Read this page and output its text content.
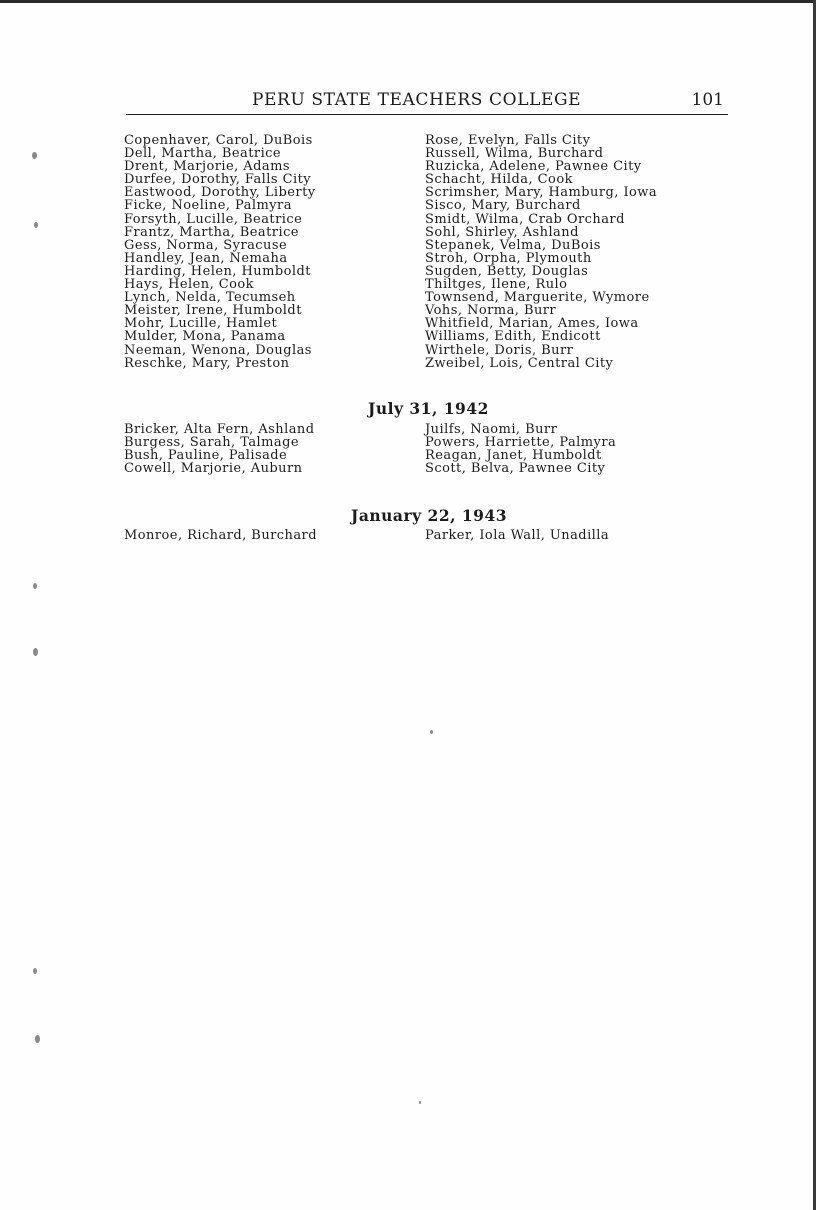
PERU STATE TEACHERS COLLEGE	101
Copenhaver, Carol, DuBois
Dell, Martha, Beatrice
Drent, Marjorie, Adams
Durfee, Dorothy, Falls City
Eastwood, Dorothy, Liberty
Ficke, Noeline, Palmyra
Forsyth, Lucille, Beatrice
Frantz, Martha, Beatrice
Gess, Norma, Syracuse
Handley, Jean, Nemaha
Harding, Helen, Humboldt
Hays, Helen, Cook
Lynch, Nelda, Tecumseh
Meister, Irene, Humboldt
Mohr, Lucille, Hamlet
Mulder, Mona, Panama
Neeman, Wenona, Douglas
Reschke, Mary, Preston
Rose, Evelyn, Falls City
Russell, Wilma, Burchard
Ruzicka, Adelene, Pawnee City
Schacht, Hilda, Cook
Scrimsher, Mary, Hamburg, Iowa
Sisco, Mary, Burchard
Smidt, Wilma, Crab Orchard
Sohl, Shirley, Ashland
Stepanek, Velma, DuBois
Stroh, Orpha, Plymouth
Sugden, Betty, Douglas
Thiltges, Ilene, Rulo
Townsend, Marguerite, Wymore
Vohs, Norma, Burr
Whitfield, Marian, Ames, Iowa
Williams, Edith, Endicott
Wirthele, Doris, Burr
Zweibel, Lois, Central City
July 31, 1942
Bricker, Alta Fern, Ashland
Burgess, Sarah, Talmage
Bush, Pauline, Palisade
Cowell, Marjorie, Auburn
Juilfs, Naomi, Burr
Powers, Harriette, Palmyra
Reagan, Janet, Humboldt
Scott, Belva, Pawnee City
January 22, 1943
Monroe, Richard, Burchard	Parker, Iola Wall, Unadilla
